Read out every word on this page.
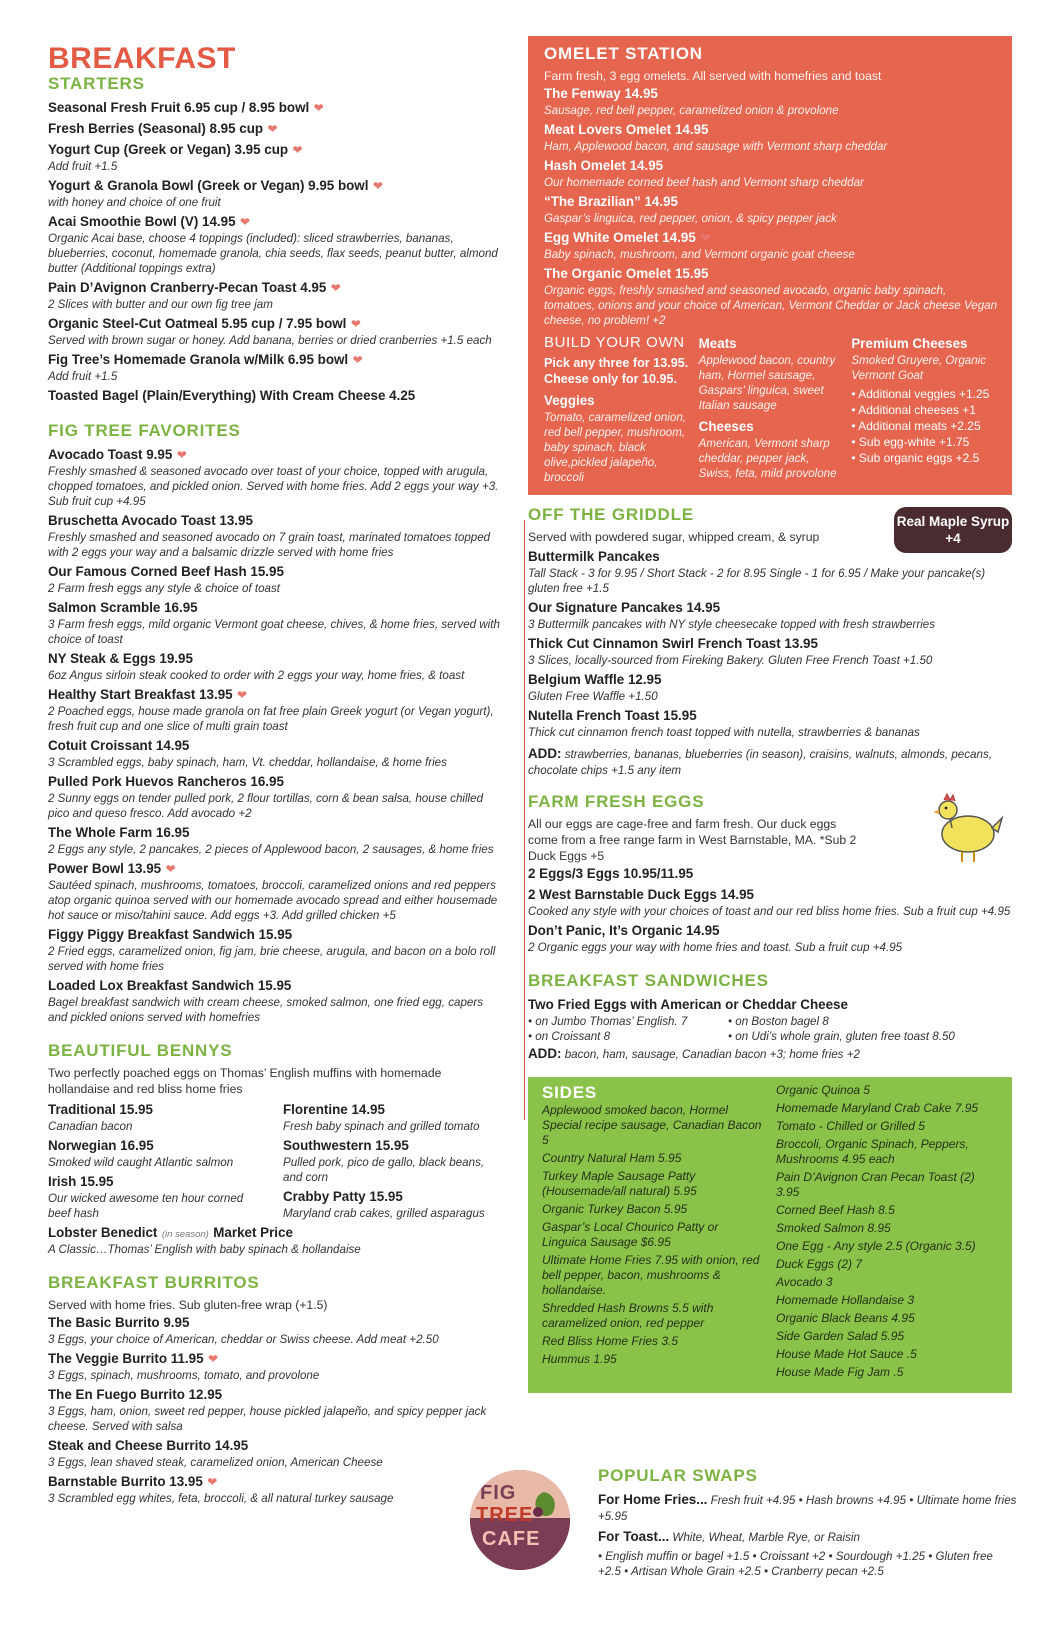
BREAKFAST
STARTERS
Seasonal Fresh Fruit 6.95 cup / 8.95 bowl ❤
Fresh Berries (Seasonal) 8.95 cup ❤
Yogurt Cup (Greek or Vegan) 3.95 cup ❤
Add fruit +1.5
Yogurt & Granola Bowl (Greek or Vegan) 9.95 bowl ❤
with honey and choice of one fruit
Acai Smoothie Bowl (V) 14.95 ❤
Organic Acai base, choose 4 toppings (included): sliced strawberries, bananas, blueberries, coconut, homemade granola, chia seeds, flax seeds, peanut butter, almond butter (Additional toppings extra)
Pain D’Avignon Cranberry-Pecan Toast 4.95 ❤
2 Slices with butter and our own fig tree jam
Organic Steel-Cut Oatmeal 5.95 cup / 7.95 bowl ❤
Served with brown sugar or honey. Add banana, berries or dried cranberries +1.5 each
Fig Tree’s Homemade Granola w/Milk 6.95 bowl ❤
Add fruit +1.5
Toasted Bagel (Plain/Everything) With Cream Cheese 4.25
FIG TREE FAVORITES
Avocado Toast 9.95 ❤
Freshly smashed & seasoned avocado over toast of your choice, topped with arugula, chopped tomatoes, and pickled onion. Served with home fries. Add 2 eggs your way +3. Sub fruit cup +4.95
Bruschetta Avocado Toast 13.95
Freshly smashed and seasoned avocado on 7 grain toast, marinated tomatoes topped with 2 eggs your way and a balsamic drizzle served with home fries
Our Famous Corned Beef Hash 15.95
2 Farm fresh eggs any style & choice of toast
Salmon Scramble 16.95
3 Farm fresh eggs, mild organic Vermont goat cheese, chives, & home fries, served with choice of toast
NY Steak & Eggs 19.95
6oz Angus sirloin steak cooked to order with 2 eggs your way, home fries, & toast
Healthy Start Breakfast 13.95 ❤
2 Poached eggs, house made granola on fat free plain Greek yogurt (or Vegan yogurt), fresh fruit cup and one slice of multi grain toast
Cotuit Croissant 14.95
3 Scrambled eggs, baby spinach, ham, Vt. cheddar, hollandaise, & home fries
Pulled Pork Huevos Rancheros 16.95
2 Sunny eggs on tender pulled pork, 2 flour tortillas, corn & bean salsa, house chilled pico and queso fresco. Add avocado +2
The Whole Farm 16.95
2 Eggs any style, 2 pancakes, 2 pieces of Applewood bacon, 2 sausages, & home fries
Power Bowl 13.95 ❤
Sautéed spinach, mushrooms, tomatoes, broccoli, caramelized onions and red peppers atop organic quinoa served with our homemade avocado spread and either housemade hot sauce or miso/tahini sauce. Add eggs +3. Add grilled chicken +5
Figgy Piggy Breakfast Sandwich 15.95
2 Fried eggs, caramelized onion, fig jam, brie cheese, arugula, and bacon on a bolo roll served with home fries
Loaded Lox Breakfast Sandwich 15.95
Bagel breakfast sandwich with cream cheese, smoked salmon, one fried egg, capers and pickled onions served with homefries
BEAUTIFUL BENNYS
Two perfectly poached eggs on Thomas’ English muffins with homemade hollandaise and red bliss home fries
Traditional 15.95
Canadian bacon
Norwegian 16.95
Smoked wild caught Atlantic salmon
Irish 15.95
Our wicked awesome ten hour corned beef hash
Florentine 14.95
Fresh baby spinach and grilled tomato
Southwestern 15.95
Pulled pork, pico de gallo, black beans, and corn
Crabby Patty 15.95
Maryland crab cakes, grilled asparagus
Lobster Benedict (in season) Market Price
A Classic…Thomas’ English with baby spinach & hollandaise
BREAKFAST BURRITOS
Served with home fries. Sub gluten-free wrap (+1.5)
The Basic Burrito 9.95
3 Eggs, your choice of American, cheddar or Swiss cheese. Add meat +2.50
The Veggie Burrito 11.95 ❤
3 Eggs, spinach, mushrooms, tomato, and provolone
The En Fuego Burrito 12.95
3 Eggs, ham, onion, sweet red pepper, house pickled jalapeño, and spicy pepper jack cheese. Served with salsa
Steak and Cheese Burrito 14.95
3 Eggs, lean shaved steak, caramelized onion, American Cheese
Barnstable Burrito 13.95 ❤
3 Scrambled egg whites, feta, broccoli, & all natural turkey sausage
OMELET STATION
Farm fresh, 3 egg omelets. All served with homefries and toast
The Fenway 14.95
Sausage, red bell pepper, caramelized onion & provolone
Meat Lovers Omelet 14.95
Ham, Applewood bacon, and sausage with Vermont sharp cheddar
Hash Omelet 14.95
Our homemade corned beef hash and Vermont sharp cheddar
“The Brazilian” 14.95
Gaspar’s linguica, red pepper, onion, & spicy pepper jack
Egg White Omelet 14.95 ❤
Baby spinach, mushroom, and Vermont organic goat cheese
The Organic Omelet 15.95
Organic eggs, freshly smashed and seasoned avocado, organic baby spinach, tomatoes, onions and your choice of American, Vermont Cheddar or Jack cheese Vegan cheese, no problem! +2
BUILD YOUR OWN
Pick any three for 13.95. Cheese only for 10.95.
Veggies
Tomato, caramelized onion, red bell pepper, mushroom, baby spinach, black olive,pickled jalapeño, broccoli
Meats
Applewood bacon, country ham, Hormel sausage, Gaspars’ linguica, sweet Italian sausage
Cheeses
American, Vermont sharp cheddar, pepper jack, Swiss, feta, mild provolone
Premium Cheeses
Smoked Gruyere, Organic Vermont Goat
• Additional veggies +1.25
• Additional cheeses +1
• Additional meats +2.25
• Sub egg-white +1.75
• Sub organic eggs +2.5
OFF THE GRIDDLE
Served with powdered sugar, whipped cream, & syrup
Real Maple Syrup +4
Buttermilk Pancakes
Tall Stack - 3 for 9.95 / Short Stack - 2 for 8.95 Single - 1 for 6.95 / Make your pancake(s) gluten free +1.5
Our Signature Pancakes 14.95
3 Buttermilk pancakes with NY style cheesecake topped with fresh strawberries
Thick Cut Cinnamon Swirl French Toast 13.95
3 Slices, locally-sourced from Fireking Bakery. Gluten Free French Toast +1.50
Belgium Waffle 12.95
Gluten Free Waffle +1.50
Nutella French Toast 15.95
Thick cut cinnamon french toast topped with nutella, strawberries & bananas
ADD: strawberries, bananas, blueberries (in season), craisins, walnuts, almonds, pecans, chocolate chips +1.5 any item
FARM FRESH EGGS
All our eggs are cage-free and farm fresh. Our duck eggs come from a free range farm in West Barnstable, MA. *Sub 2 Duck Eggs +5
2 Eggs/3 Eggs 10.95/11.95
2 West Barnstable Duck Eggs 14.95
Cooked any style with your choices of toast and our red bliss home fries. Sub a fruit cup +4.95
Don’t Panic, It’s Organic 14.95
2 Organic eggs your way with home fries and toast. Sub a fruit cup +4.95
BREAKFAST SANDWICHES
Two Fried Eggs with American or Cheddar Cheese
• on Jumbo Thomas’ English. 7	• on Boston bagel 8
• on Croissant 8	• on Udi’s whole grain, gluten free toast 8.50
ADD: bacon, ham, sausage, Canadian bacon +3; home fries +2
SIDES
Applewood smoked bacon, Hormel Special recipe sausage, Canadian Bacon 5
Country Natural Ham 5.95
Turkey Maple Sausage Patty (Housemade/all natural) 5.95
Organic Turkey Bacon 5.95
Gaspar’s Local Chourico Patty or Linguica Sausage $6.95
Ultimate Home Fries 7.95 with onion, red bell pepper, bacon, mushrooms & hollandaise.
Shredded Hash Browns 5.5 with caramelized onion, red pepper
Red Bliss Home Fries 3.5
Hummus 1.95
Organic Quinoa 5
Homemade Maryland Crab Cake 7.95
Tomato - Chilled or Grilled 5
Broccoli, Organic Spinach, Peppers, Mushrooms 4.95 each
Pain D’Avignon Cran Pecan Toast (2) 3.95
Corned Beef Hash 8.5
Smoked Salmon 8.95
One Egg - Any style 2.5 (Organic 3.5)
Duck Eggs (2) 7
Avocado 3
Homemade Hollandaise 3
Organic Black Beans 4.95
Side Garden Salad 5.95
House Made Hot Sauce .5
House Made Fig Jam .5
FIG
TREE
CAFE
POPULAR SWAPS
For Home Fries... Fresh fruit +4.95 • Hash browns +4.95 • Ultimate home fries +5.95
For Toast... White, Wheat, Marble Rye, or Raisin
• English muffin or bagel +1.5 • Croissant +2 • Sourdough +1.25 • Gluten free +2.5 • Artisan Whole Grain +2.5 • Cranberry pecan +2.5
